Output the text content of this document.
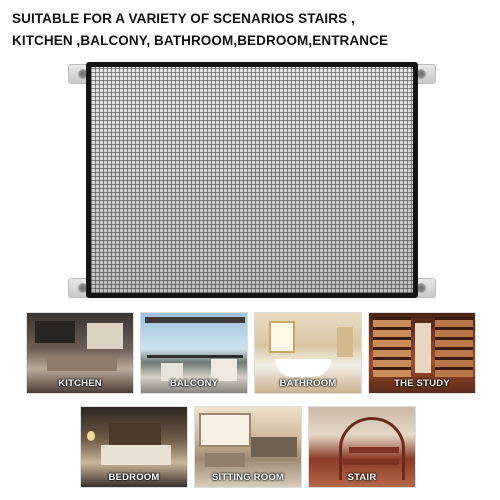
SUITABLE FOR A VARIETY OF SCENARIOS STAIRS ,
KITCHEN ,BALCONY, BATHROOM,BEDROOM,ENTRANCE
KITCHEN	BALCONY	BATHROOM	THE STUDY
BEDROOM	SITTING ROOM	STAIR
